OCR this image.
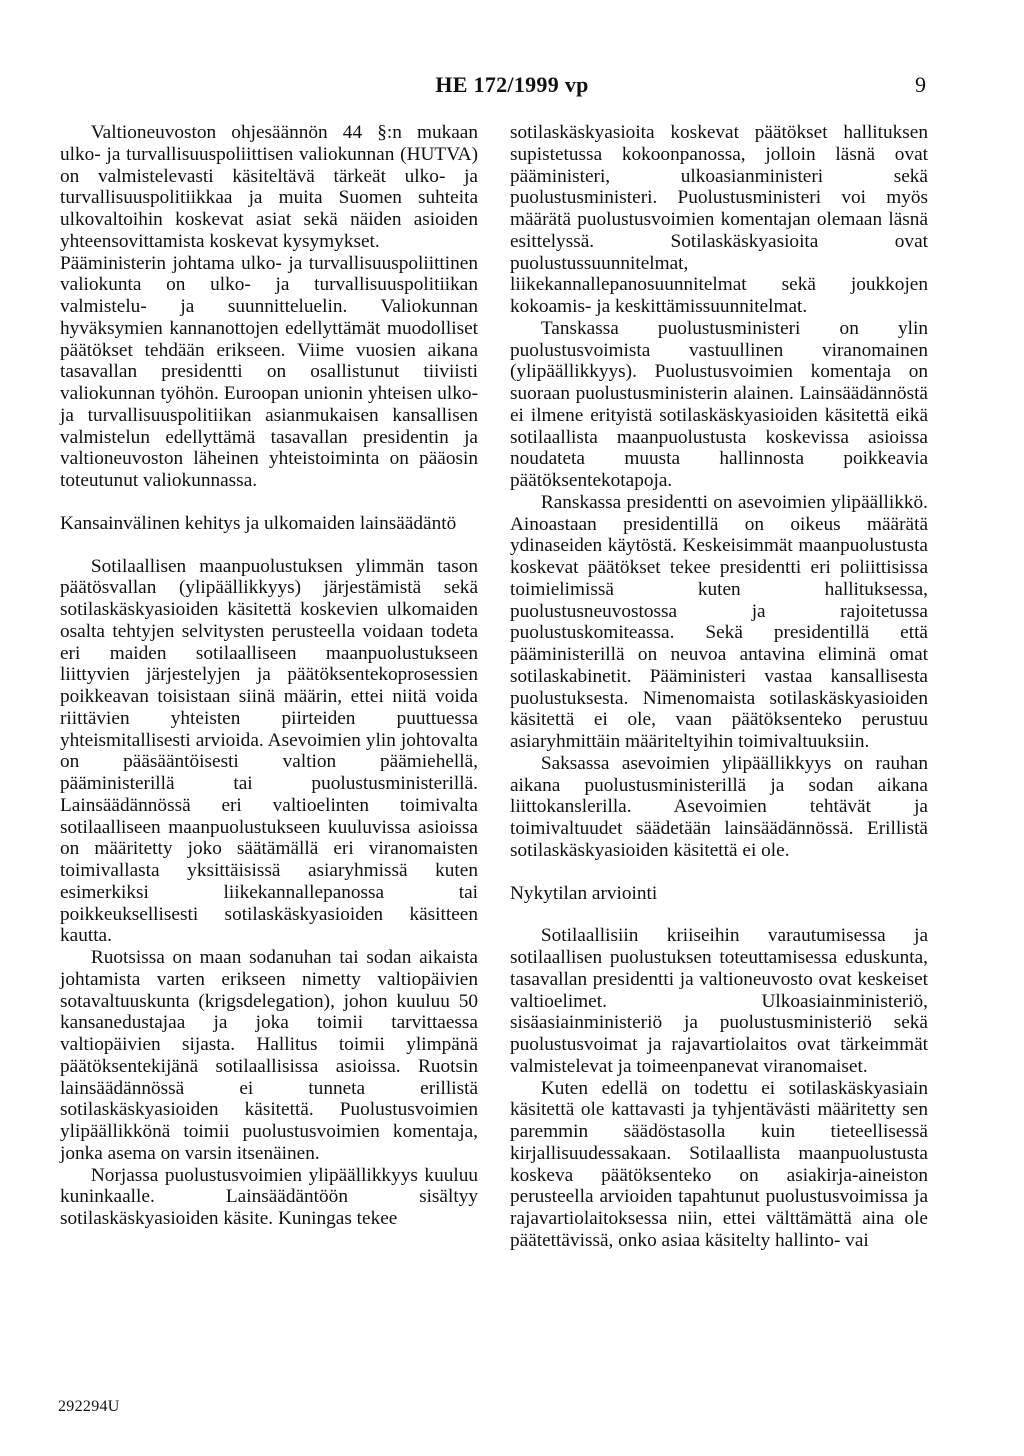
HE 172/1999 vp	9

Valtioneuvoston ohjesäännön 44 §:n mukaan ulko- ja turvallisuuspoliittisen valiokunnan (HUTVA) on valmistelevasti käsiteltävä tärkeät ulko- ja turvallisuuspolitiikkaa ja muita Suomen suhteita ulkovaltoihin koskevat asiat sekä näiden asioiden yhteensovittamista koskevat kysymykset.

Pääministerin johtama ulko- ja turvallisuuspoliittinen valiokunta on ulko- ja turvallisuuspolitiikan valmistelu- ja suunnitteluelin. Valiokunnan hyväksymien kannanottojen edellyttämät muodolliset päätökset tehdään erikseen. Viime vuosien aikana tasavallan presidentti on osallistunut tiiviisti valiokunnan työhön. Euroopan unionin yhteisen ulko- ja turvallisuuspolitiikan asianmukaisen kansallisen valmistelun edellyttämä tasavallan presidentin ja valtioneuvoston läheinen yhteistoiminta on pääosin toteutunut valiokunnassa.

Kansainvälinen kehitys ja ulkomaiden lainsäädäntö

Sotilaallisen maanpuolustuksen ylimmän tason päätösvallan (ylipäällikkyys) järjestämistä sekä sotilaskäskyasioiden käsitettä koskevien ulkomaiden osalta tehtyjen selvitysten perusteella voidaan todeta eri maiden sotilaalliseen maanpuolustukseen liittyvien järjestelyjen ja päätöksentekoprosessien poikkeavan toisistaan siinä määrin, ettei niitä voida riittävien yhteisten piirteiden puuttuessa yhteismitallisesti arvioida. Asevoimien ylin johtovalta on pääsääntöisesti valtion päämiehellä, pääministerillä tai puolustusministerillä. Lainsäädännössä eri valtioelinten toimivalta sotilaalliseen maanpuolustukseen kuuluvissa asioissa on määritetty joko säätämällä eri viranomaisten toimivallasta yksittäisissä asiaryhmissä kuten esimerkiksi liikekannallepanossa tai poikkeuksellisesti sotilaskäskyasioiden käsitteen kautta.

Ruotsissa on maan sodanuhan tai sodan aikaista johtamista varten erikseen nimetty valtiopäivien sotavaltuuskunta (krigsdelegation), johon kuuluu 50 kansanedustajaa ja joka toimii tarvittaessa valtiopäivien sijasta. Hallitus toimii ylimpänä päätöksentekijänä sotilaallisissa asioissa. Ruotsin lainsäädännössä ei tunneta erillistä sotilaskäskyasioiden käsitettä. Puolustusvoimien ylipäällikkönä toimii puolustusvoimien komentaja, jonka asema on varsin itsenäinen.

Norjassa puolustusvoimien ylipäällikkyys kuuluu kuninkaalle. Lainsäädäntöön sisältyy sotilaskäskyasioiden käsite. Kuningas tekee

sotilaskäskyasioita koskevat päätökset hallituksen supistetussa kokoonpanossa, jolloin läsnä ovat pääministeri, ulkoasianministeri sekä puolustusministeri. Puolustusministeri voi myös määrätä puolustusvoimien komentajan olemaan läsnä esittelyssä. Sotilaskäskyasioita ovat puolustussuunnitelmat, liikekannallepanosuunnitelmat sekä joukkojen kokoamis- ja keskittämissuunnitelmat.

Tanskassa puolustusministeri on ylin puolustusvoimista vastuullinen viranomainen (ylipäällikkyys). Puolustusvoimien komentaja on suoraan puolustusministerin alainen. Lainsäädännöstä ei ilmene erityistä sotilaskäskyasioiden käsitettä eikä sotilaallista maanpuolustusta koskevissa asioissa noudateta muusta hallinnosta poikkeavia päätöksentekotapoja.

Ranskassa presidentti on asevoimien ylipäällikkö. Ainoastaan presidentillä on oikeus määrätä ydinaseiden käytöstä. Keskeisimmät maanpuolustusta koskevat päätökset tekee presidentti eri poliittisissa toimielimissä kuten hallituksessa, puolustusneuvostossa ja rajoitetussa puolustuskomiteassa. Sekä presidentillä että pääministerillä on neuvoa antavina eliminä omat sotilaskabinetit. Pääministeri vastaa kansallisesta puolustuksesta. Nimenomaista sotilaskäskyasioiden käsitettä ei ole, vaan päätöksenteko perustuu asiaryhmittäin määriteltyihin toimivaltuuksiin.

Saksassa asevoimien ylipäällikkyys on rauhan aikana puolustusministerillä ja sodan aikana liittokanslerilla. Asevoimien tehtävät ja toimivaltuudet säädetään lainsäädännössä. Erillistä sotilaskäskyasioiden käsitettä ei ole.

Nykytilan arviointi

Sotilaallisiin kriiseihin varautumisessa ja sotilaallisen puolustuksen toteuttamisessa eduskunta, tasavallan presidentti ja valtioneuvosto ovat keskeiset valtioelimet. Ulkoasiainministeriö, sisäasiainministeriö ja puolustusministeriö sekä puolustusvoimat ja rajavartiolaitos ovat tärkeimmät valmistelevat ja toimeenpanevat viranomaiset.

Kuten edellä on todettu ei sotilaskäskyasiain käsitettä ole kattavasti ja tyhjentävästi määritetty sen paremmin säädöstasolla kuin tieteellisessä kirjallisuudessakaan. Sotilaallista maanpuolustusta koskeva päätöksenteko on asiakirja-aineiston perusteella arvioiden tapahtunut puolustusvoimissa ja rajavartiolaitoksessa niin, ettei välttämättä aina ole päätettävissä, onko asiaa käsitelty hallinto- vai

292294U
